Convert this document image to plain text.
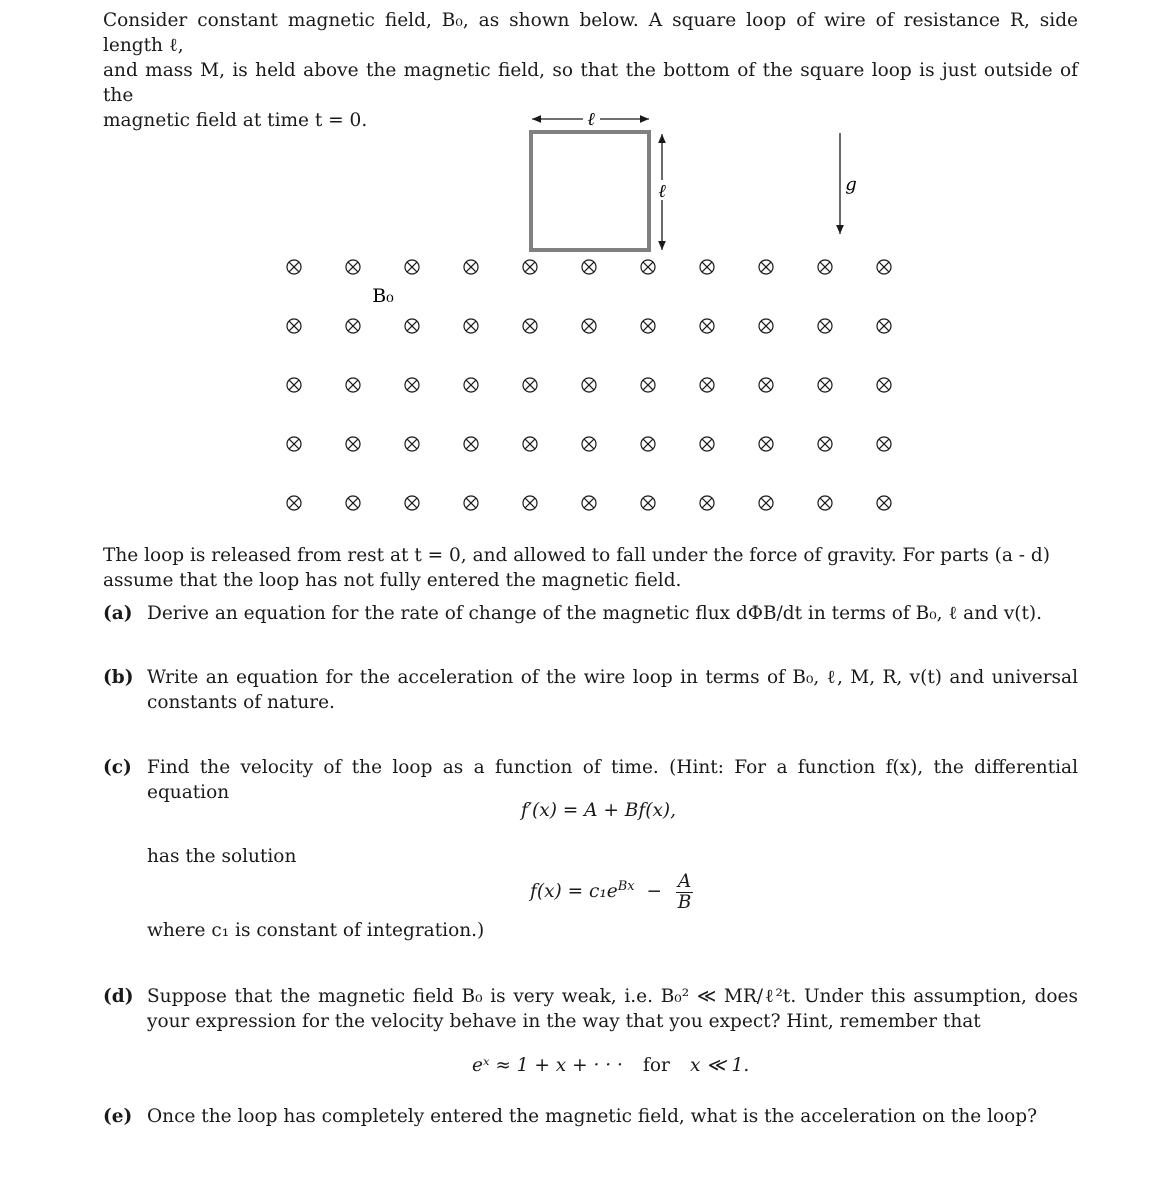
Consider constant magnetic field, B₀, as shown below. A square loop of wire of resistance R, side length ℓ,
and mass M, is held above the magnetic field, so that the bottom of the square loop is just outside of the
magnetic field at time t = 0.	ℓ
ℓ	g
B₀
The loop is released from rest at t = 0, and allowed to fall under the force of gravity. For parts (a - d)
assume that the loop has not fully entered the magnetic field.
(a) Derive an equation for the rate of change of the magnetic flux dΦB/dt in terms of B₀, ℓ and v(t).
(b) Write an equation for the acceleration of the wire loop in terms of B₀, ℓ, M, R, v(t) and universal constants of nature.
(c) Find the velocity of the loop as a function of time. (Hint: For a function f(x), the differential equation
f′(x) = A + Bf(x),
has the solution
$f(x) = c_1e^{Bx} - \frac{A}{B}$
where c₁ is constant of integration.)
(d) Suppose that the magnetic field B₀ is very weak, i.e. B₀² ≪ MR/ℓ²t. Under this assumption, does your expression for the velocity behave in the way that you expect? Hint, remember that
eˣ ≈ 1 + x + · · · for x ≪ 1.
(e) Once the loop has completely entered the magnetic field, what is the acceleration on the loop?
